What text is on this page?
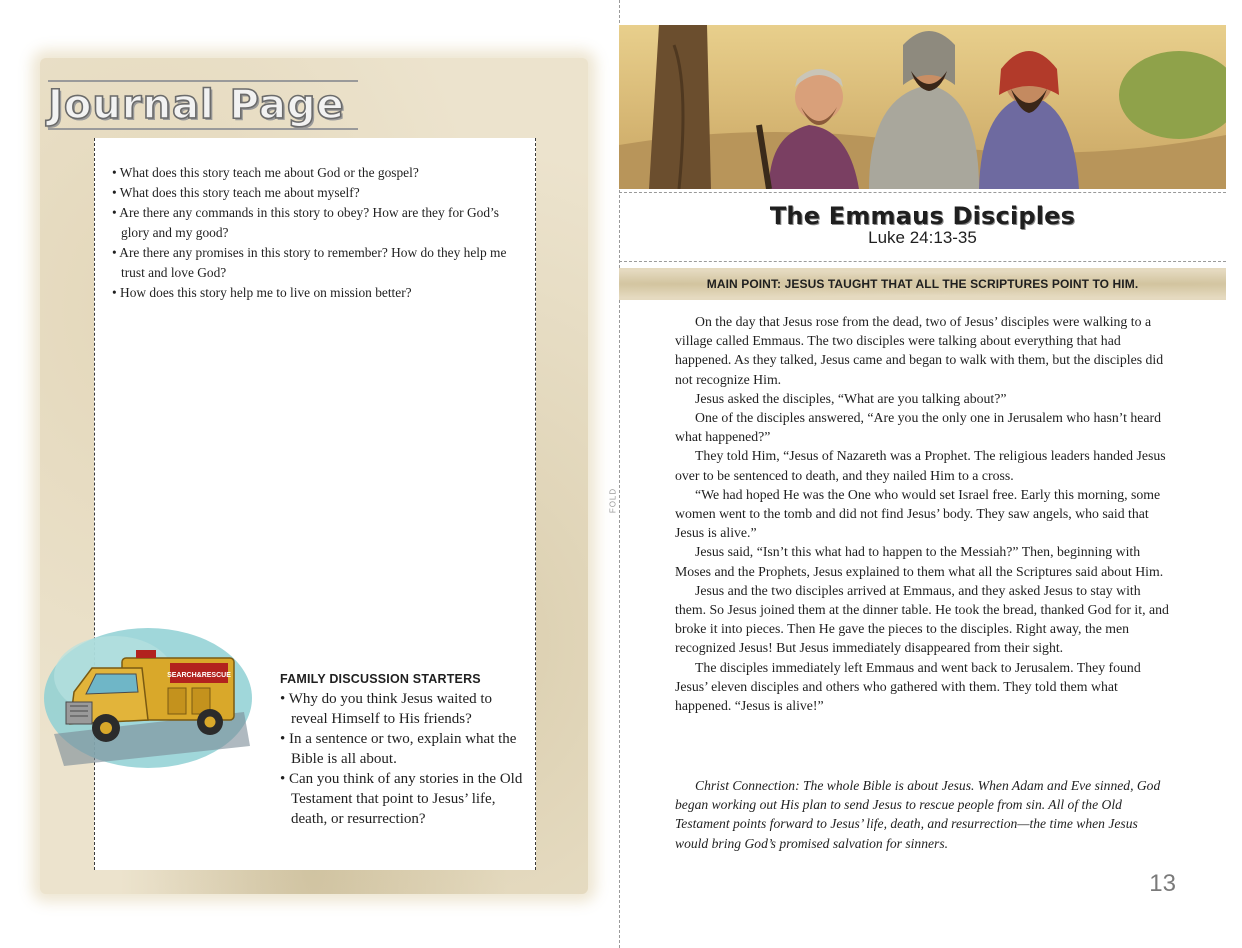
Journal Page
• What does this story teach me about God or the gospel?
• What does this story teach me about myself?
• Are there any commands in this story to obey? How are they for God’s glory and my good?
• Are there any promises in this story to remember? How do they help me trust and love God?
• How does this story help me to live on mission better?
SEARCH&RESCUE	FAMILY DISCUSSION STARTERS
• Why do you think Jesus waited to reveal Himself to His friends?
• In a sentence or two, explain what the Bible is all about.
• Can you think of any stories in the Old Testament that point to Jesus’ life, death, or resurrection?
FOLD
The Emmaus Disciples
Luke 24:13-35
MAIN POINT: JESUS TAUGHT THAT ALL THE SCRIPTURES POINT TO HIM.

On the day that Jesus rose from the dead, two of Jesus’ disciples were walking to a village called Emmaus. The two disciples were talking about everything that had happened. As they talked, Jesus came and began to walk with them, but the disciples did not recognize Him.

Jesus asked the disciples, “What are you talking about?”

One of the disciples answered, “Are you the only one in Jerusalem who hasn’t heard what happened?”

They told Him, “Jesus of Nazareth was a Prophet. The religious leaders handed Jesus over to be sentenced to death, and they nailed Him to a cross.

“We had hoped He was the One who would set Israel free. Early this morning, some women went to the tomb and did not find Jesus’ body. They saw angels, who said that Jesus is alive.”

Jesus said, “Isn’t this what had to happen to the Messiah?” Then, beginning with Moses and the Prophets, Jesus explained to them what all the Scriptures said about Him.

Jesus and the two disciples arrived at Emmaus, and they asked Jesus to stay with them. So Jesus joined them at the dinner table. He took the bread, thanked God for it, and broke it into pieces. Then He gave the pieces to the disciples. Right away, the men recognized Jesus! But Jesus immediately disappeared from their sight.

The disciples immediately left Emmaus and went back to Jerusalem. They found Jesus’ eleven disciples and others who gathered with them. They told them what happened. “Jesus is alive!”

Christ Connection: The whole Bible is about Jesus. When Adam and Eve sinned, God began working out His plan to send Jesus to rescue people from sin. All of the Old Testament points forward to Jesus’ life, death, and resurrection—the time when Jesus would bring God’s promised salvation for sinners.
13
